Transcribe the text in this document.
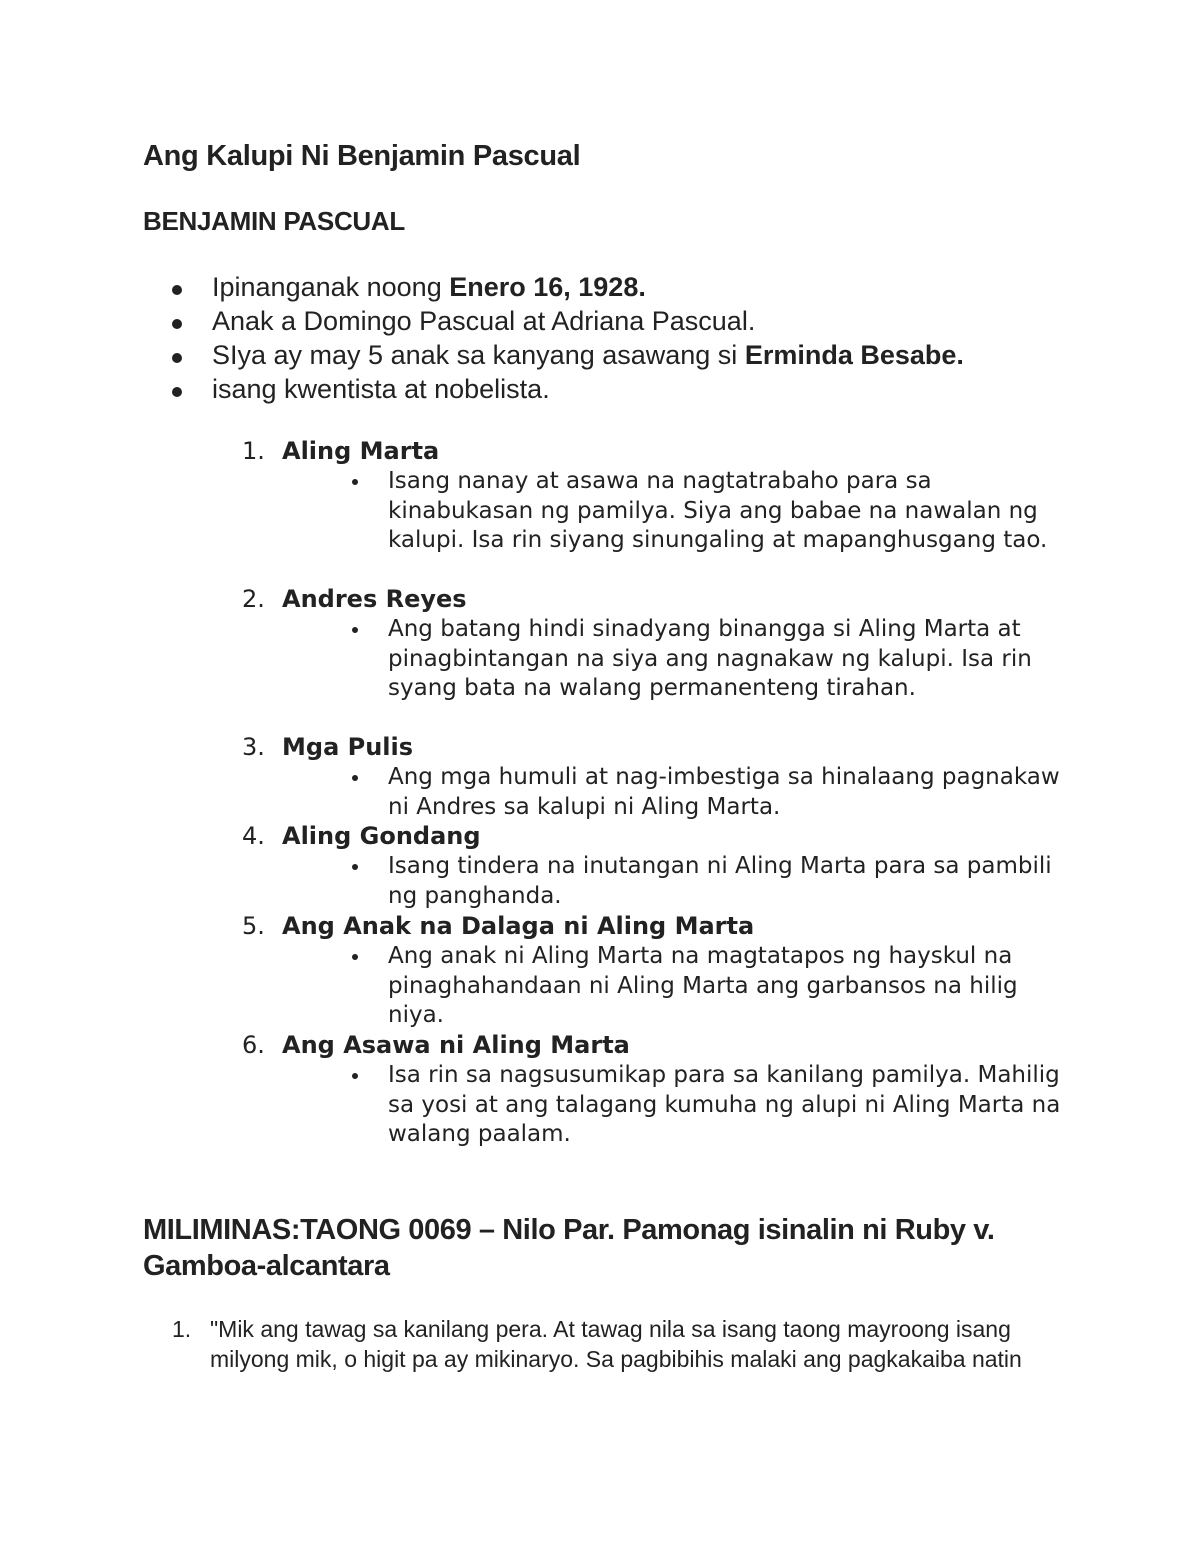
Ang Kalupi Ni Benjamin Pascual
BENJAMIN PASCUAL
Ipinanganak noong Enero 16, 1928.
Anak a Domingo Pascual at Adriana Pascual.
SIya ay may 5 anak sa kanyang asawang si Erminda Besabe.
isang kwentista at nobelista.
1. Aling Marta
Isang nanay at asawa na nagtatrabaho para sa kinabukasan ng pamilya. Siya ang babae na nawalan ng kalupi. Isa rin siyang sinungaling at mapanghusgang tao.
2. Andres Reyes
Ang batang hindi sinadyang binangga si Aling Marta at pinagbintangan na siya ang nagnakaw ng kalupi. Isa rin syang bata na walang permanenteng tirahan.
3. Mga Pulis
Ang mga humuli at nag-imbestiga sa hinalaang pagnakaw ni Andres sa kalupi ni Aling Marta.
4. Aling Gondang
Isang tindera na inutangan ni Aling Marta para sa pambili ng panghanda.
5. Ang Anak na Dalaga ni Aling Marta
Ang anak ni Aling Marta na magtatapos ng hayskul na pinaghahandaan ni Aling Marta ang garbansos na hilig niya.
6. Ang Asawa ni Aling Marta
Isa rin sa nagsusumikap para sa kanilang pamilya. Mahilig sa yosi at ang talagang kumuha ng alupi ni Aling Marta na walang paalam.
MILIMINAS:TAONG 0069 – Nilo Par. Pamonag isinalin ni Ruby v. Gamboa-alcantara
1. "Mik ang tawag sa kanilang pera. At tawag nila sa isang taong mayroong isang milyong mik, o higit pa ay mikinaryo. Sa pagbibihis malaki ang pagkakaiba natin
